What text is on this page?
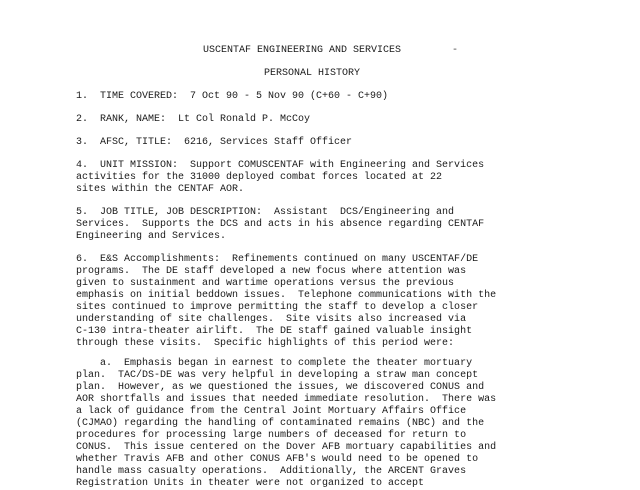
USCENTAF ENGINEERING AND SERVICES	-
PERSONAL HISTORY
1.  TIME COVERED:  7 Oct 90 - 5 Nov 90 (C+60 - C+90)
2.  RANK, NAME:  Lt Col Ronald P. McCoy
3.  AFSC, TITLE:  6216, Services Staff Officer
4.  UNIT MISSION:  Support COMUSCENTAF with Engineering and Services
activities for the 31000 deployed combat forces located at 22
sites within the CENTAF AOR.
5.  JOB TITLE, JOB DESCRIPTION:  Assistant  DCS/Engineering and
Services.  Supports the DCS and acts in his absence regarding CENTAF
Engineering and Services.
6.  E&S Accomplishments:  Refinements continued on many USCENTAF/DE
programs.  The DE staff developed a new focus where attention was
given to sustainment and wartime operations versus the previous
emphasis on initial beddown issues.  Telephone communications with the
sites continued to improve permitting the staff to develop a closer
understanding of site challenges.  Site visits also increased via
C-130 intra-theater airlift.  The DE staff gained valuable insight
through these visits.  Specific highlights of this period were:
a.  Emphasis began in earnest to complete the theater mortuary
plan.  TAC/DS-DE was very helpful in developing a straw man concept
plan.  However, as we questioned the issues, we discovered CONUS and
AOR shortfalls and issues that needed immediate resolution.  There was
a lack of guidance from the Central Joint Mortuary Affairs Office
(CJMAO) regarding the handling of contaminated remains (NBC) and the
procedures for processing large numbers of deceased for return to
CONUS.  This issue centered on the Dover AFB mortuary capabilities and
whether Travis AFB and other CONUS AFB's would need to be opened to
handle mass casualty operations.  Additionally, the ARCENT Graves
Registration Units in theater were not organized to accept
